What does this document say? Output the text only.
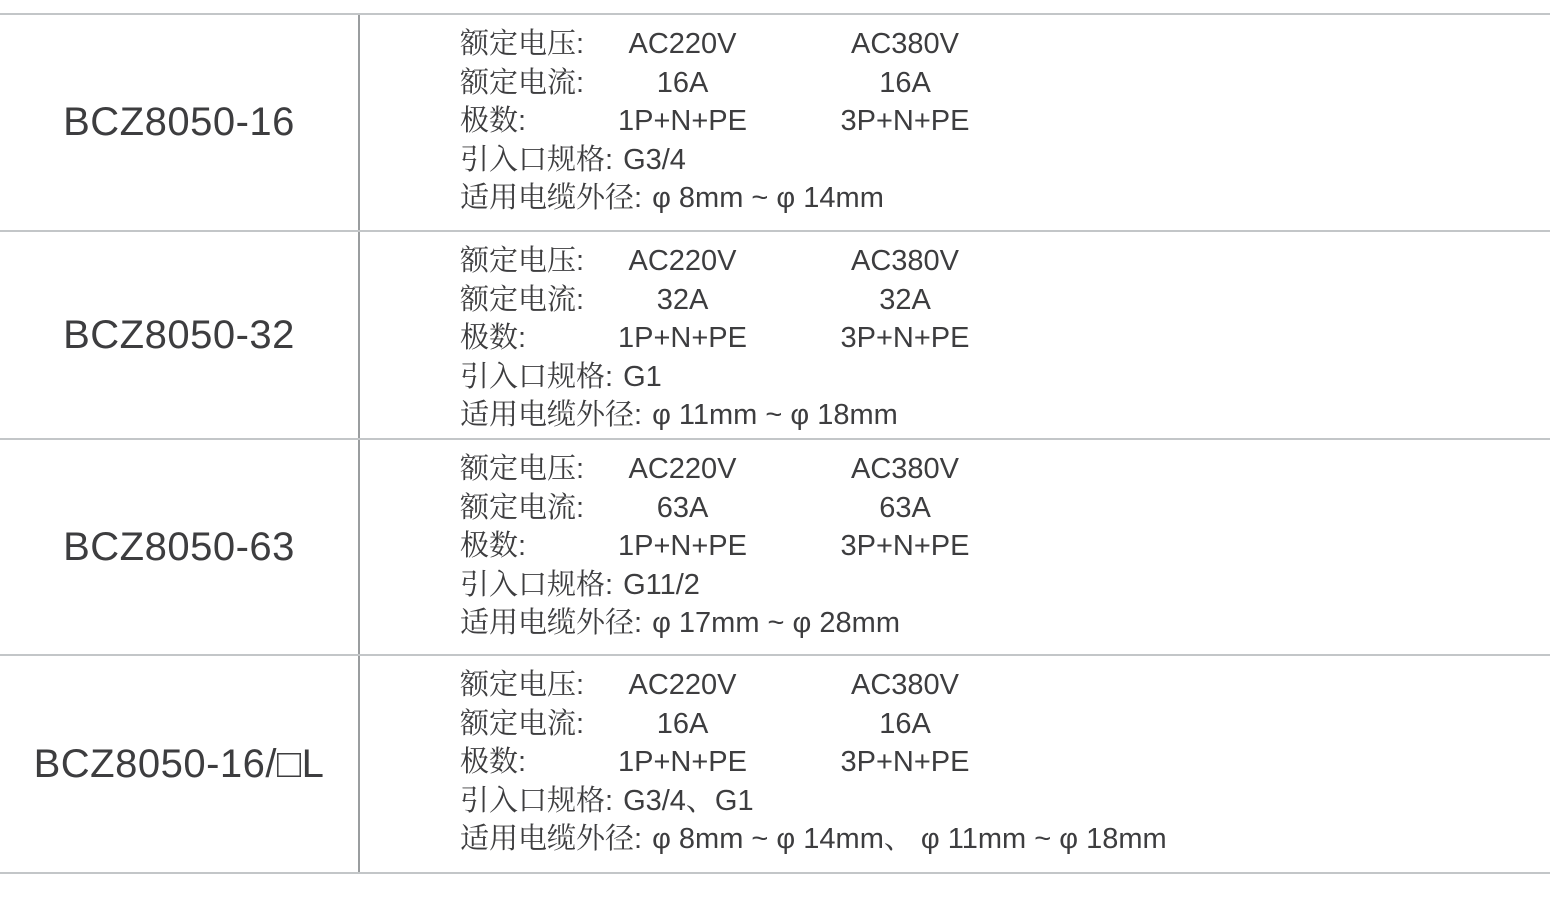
BCZ8050-16
额定电压: AC220V	AC380V
额定电流:	16A	16A
极数:	1P+N+PE	3P+N+PE
引入口规格: G3/4
适用电缆外径: φ 8mm ~ φ 14mm
BCZ8050-32
额定电压: AC220V	AC380V
额定电流:	32A	32A
极数:	1P+N+PE	3P+N+PE
引入口规格: G1
适用电缆外径: φ 11mm ~ φ 18mm
BCZ8050-63
额定电压: AC220V	AC380V
额定电流:	63A	63A
极数:	1P+N+PE	3P+N+PE
引入口规格: G11/2
适用电缆外径: φ 17mm ~ φ 28mm
BCZ8050-16/□L
额定电压: AC220V	AC380V
额定电流:	16A	16A
极数:	1P+N+PE	3P+N+PE
引入口规格: G3/4、G1
适用电缆外径: φ 8mm ~ φ 14mm、 φ 11mm ~ φ 18mm
